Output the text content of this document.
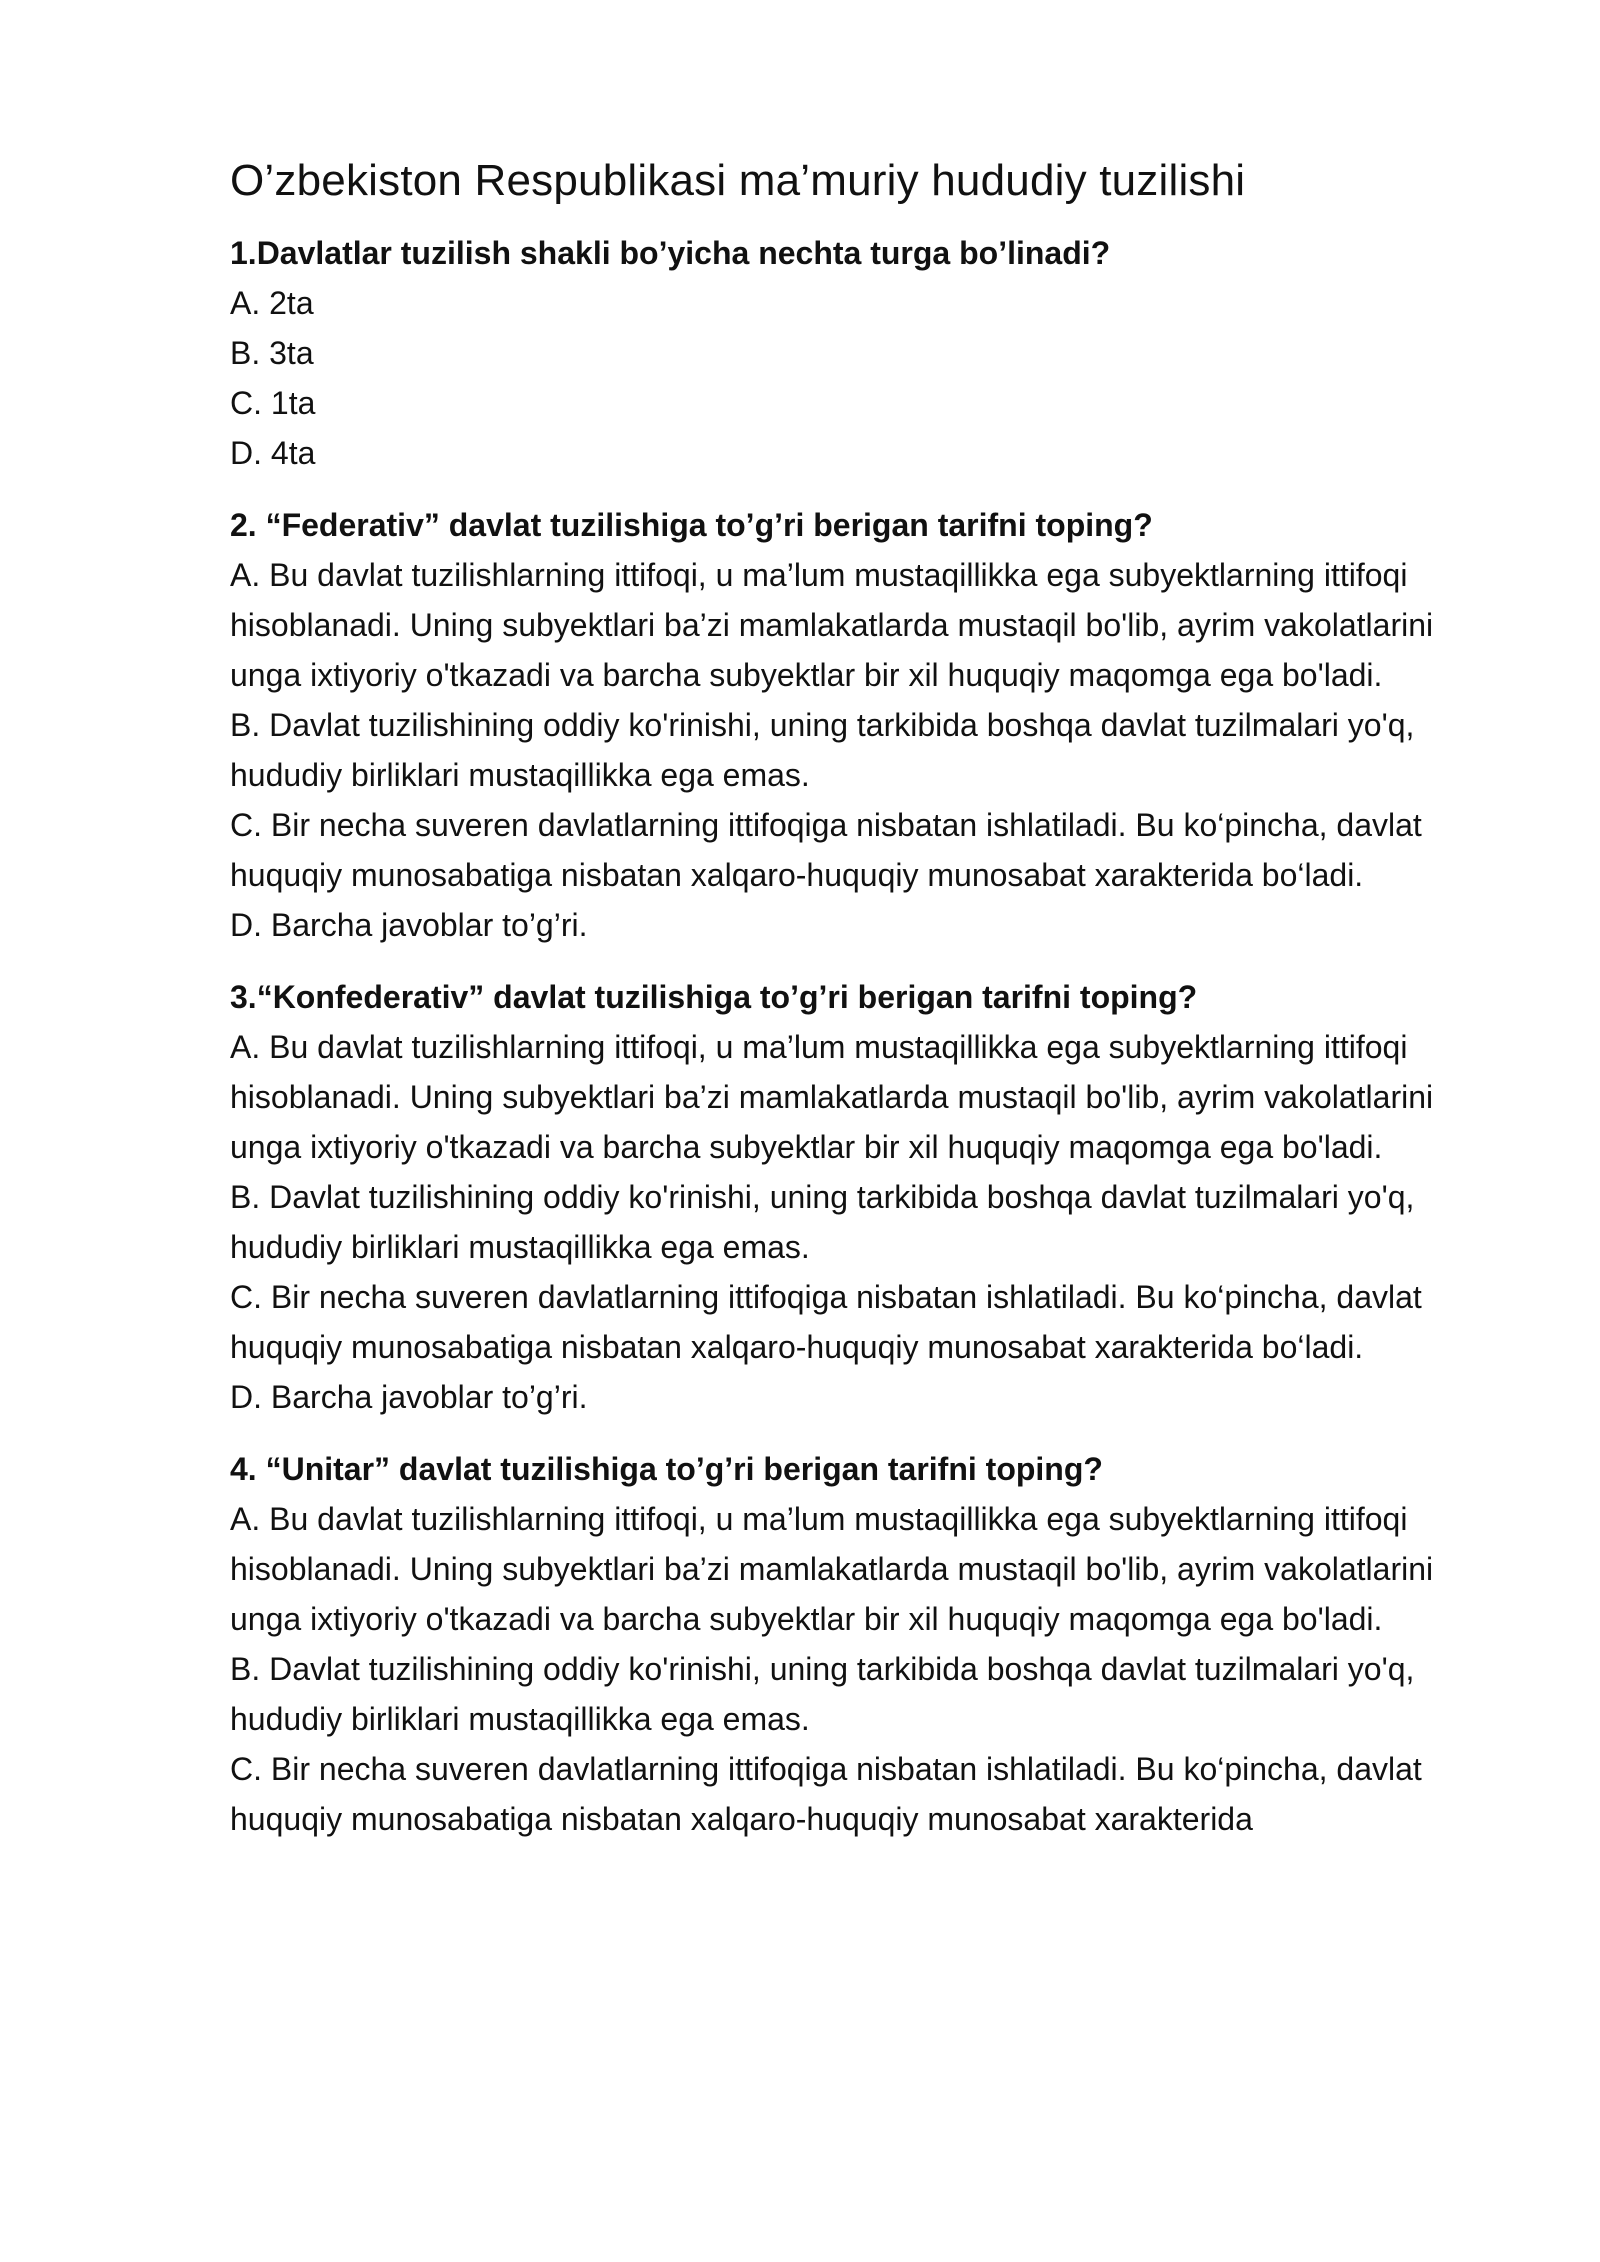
O’zbekiston Respublikasi ma’muriy hududiy tuzilishi

1.Davlatlar tuzilish shakli bo’yicha nechta turga bo’linadi?

A. 2ta
B. 3ta
C. 1ta
D. 4ta

2. “Federativ” davlat tuzilishiga to’g’ri berigan tarifni toping?

A. Bu davlat tuzilishlarning ittifoqi, u ma’lum mustaqillikka ega subyektlarning ittifoqi hisoblanadi. Uning subyektlari ba’zi mamlakatlarda mustaqil bo'lib, ayrim vakolatlarini unga ixtiyoriy o'tkazadi va barcha subyektlar bir xil huquqiy maqomga ega bo'ladi.
B. Davlat tuzilishining oddiy ko'rinishi, uning tarkibida boshqa davlat tuzilmalari yo'q, hududiy birliklari mustaqillikka ega emas.
C. Bir necha suveren davlatlarning ittifoqiga nisbatan ishlatiladi. Bu ko‘pincha, davlat huquqiy munosabatiga nisbatan xalqaro-huquqiy munosabat xarakterida bo‘ladi.
D. Barcha javoblar to’g’ri.

3.“Konfederativ” davlat tuzilishiga to’g’ri berigan tarifni toping?

A. Bu davlat tuzilishlarning ittifoqi, u ma’lum mustaqillikka ega subyektlarning ittifoqi hisoblanadi. Uning subyektlari ba’zi mamlakatlarda mustaqil bo'lib, ayrim vakolatlarini unga ixtiyoriy o'tkazadi va barcha subyektlar bir xil huquqiy maqomga ega bo'ladi.
B. Davlat tuzilishining oddiy ko'rinishi, uning tarkibida boshqa davlat tuzilmalari yo'q, hududiy birliklari mustaqillikka ega emas.
C. Bir necha suveren davlatlarning ittifoqiga nisbatan ishlatiladi. Bu ko‘pincha, davlat huquqiy munosabatiga nisbatan xalqaro-huquqiy munosabat xarakterida bo‘ladi.
D. Barcha javoblar to’g’ri.

4. “Unitar” davlat tuzilishiga to’g’ri berigan tarifni toping?

A. Bu davlat tuzilishlarning ittifoqi, u ma’lum mustaqillikka ega subyektlarning ittifoqi hisoblanadi. Uning subyektlari ba’zi mamlakatlarda mustaqil bo'lib, ayrim vakolatlarini unga ixtiyoriy o'tkazadi va barcha subyektlar bir xil huquqiy maqomga ega bo'ladi.
B. Davlat tuzilishining oddiy ko'rinishi, uning tarkibida boshqa davlat tuzilmalari yo'q, hududiy birliklari mustaqillikka ega emas.
C. Bir necha suveren davlatlarning ittifoqiga nisbatan ishlatiladi. Bu ko‘pincha, davlat huquqiy munosabatiga nisbatan xalqaro-huquqiy munosabat xarakterida
